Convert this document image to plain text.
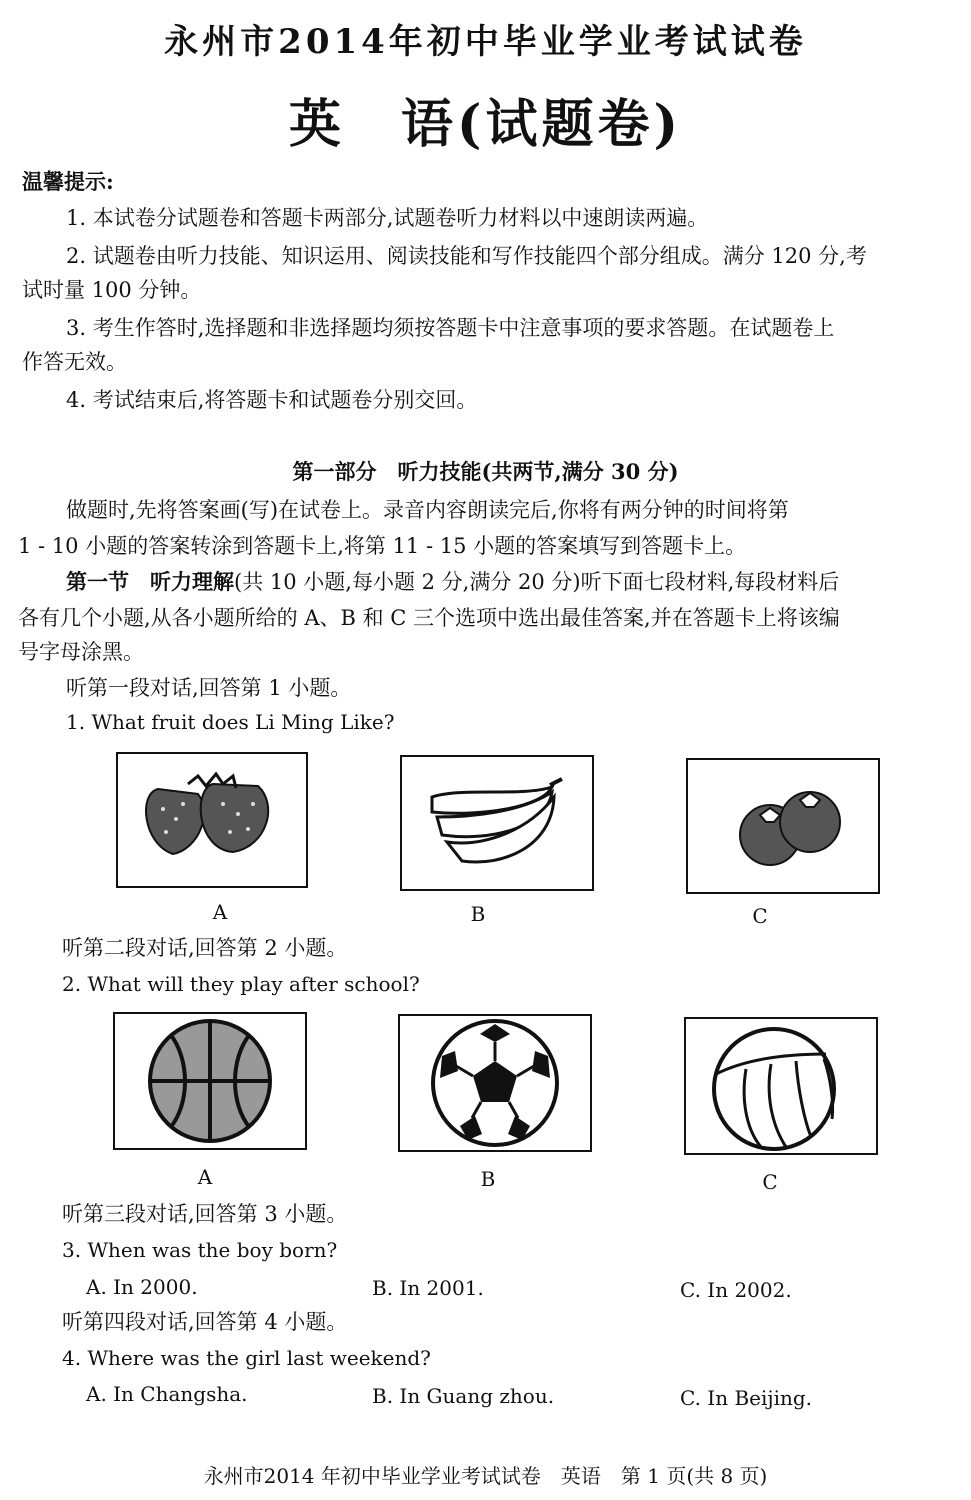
永州市2014年初中毕业学业考试试卷
英　语(试题卷)
温馨提示:
1. 本试卷分试题卷和答题卡两部分,试题卷听力材料以中速朗读两遍。
2. 试题卷由听力技能、知识运用、阅读技能和写作技能四个部分组成。满分 120 分,考
试时量 100 分钟。
3. 考生作答时,选择题和非选择题均须按答题卡中注意事项的要求答题。在试题卷上
作答无效。
4. 考试结束后,将答题卡和试题卷分别交回。
第一部分　听力技能(共两节,满分 30 分)
做题时,先将答案画(写)在试卷上。录音内容朗读完后,你将有两分钟的时间将第
1 - 10 小题的答案转涂到答题卡上,将第 11 - 15 小题的答案填写到答题卡上。
第一节　听力理解(共 10 小题,每小题 2 分,满分 20 分)听下面七段材料,每段材料后
各有几个小题,从各小题所给的 A、B 和 C 三个选项中选出最佳答案,并在答题卡上将该编
号字母涂黑。
听第一段对话,回答第 1 小题。
1. What fruit does Li Ming Like?
A	B	C
听第二段对话,回答第 2 小题。
2. What will they play after school?
A	B	C
听第三段对话,回答第 3 小题。
3. When was the boy born?
A. In 2000.	B. In 2001.	C. In 2002.
听第四段对话,回答第 4 小题。
4. Where was the girl last weekend?
A. In Changsha.	B. In Guang zhou.	C. In Beijing.
永州市2014 年初中毕业学业考试试卷　英语　第 1 页(共 8 页)
